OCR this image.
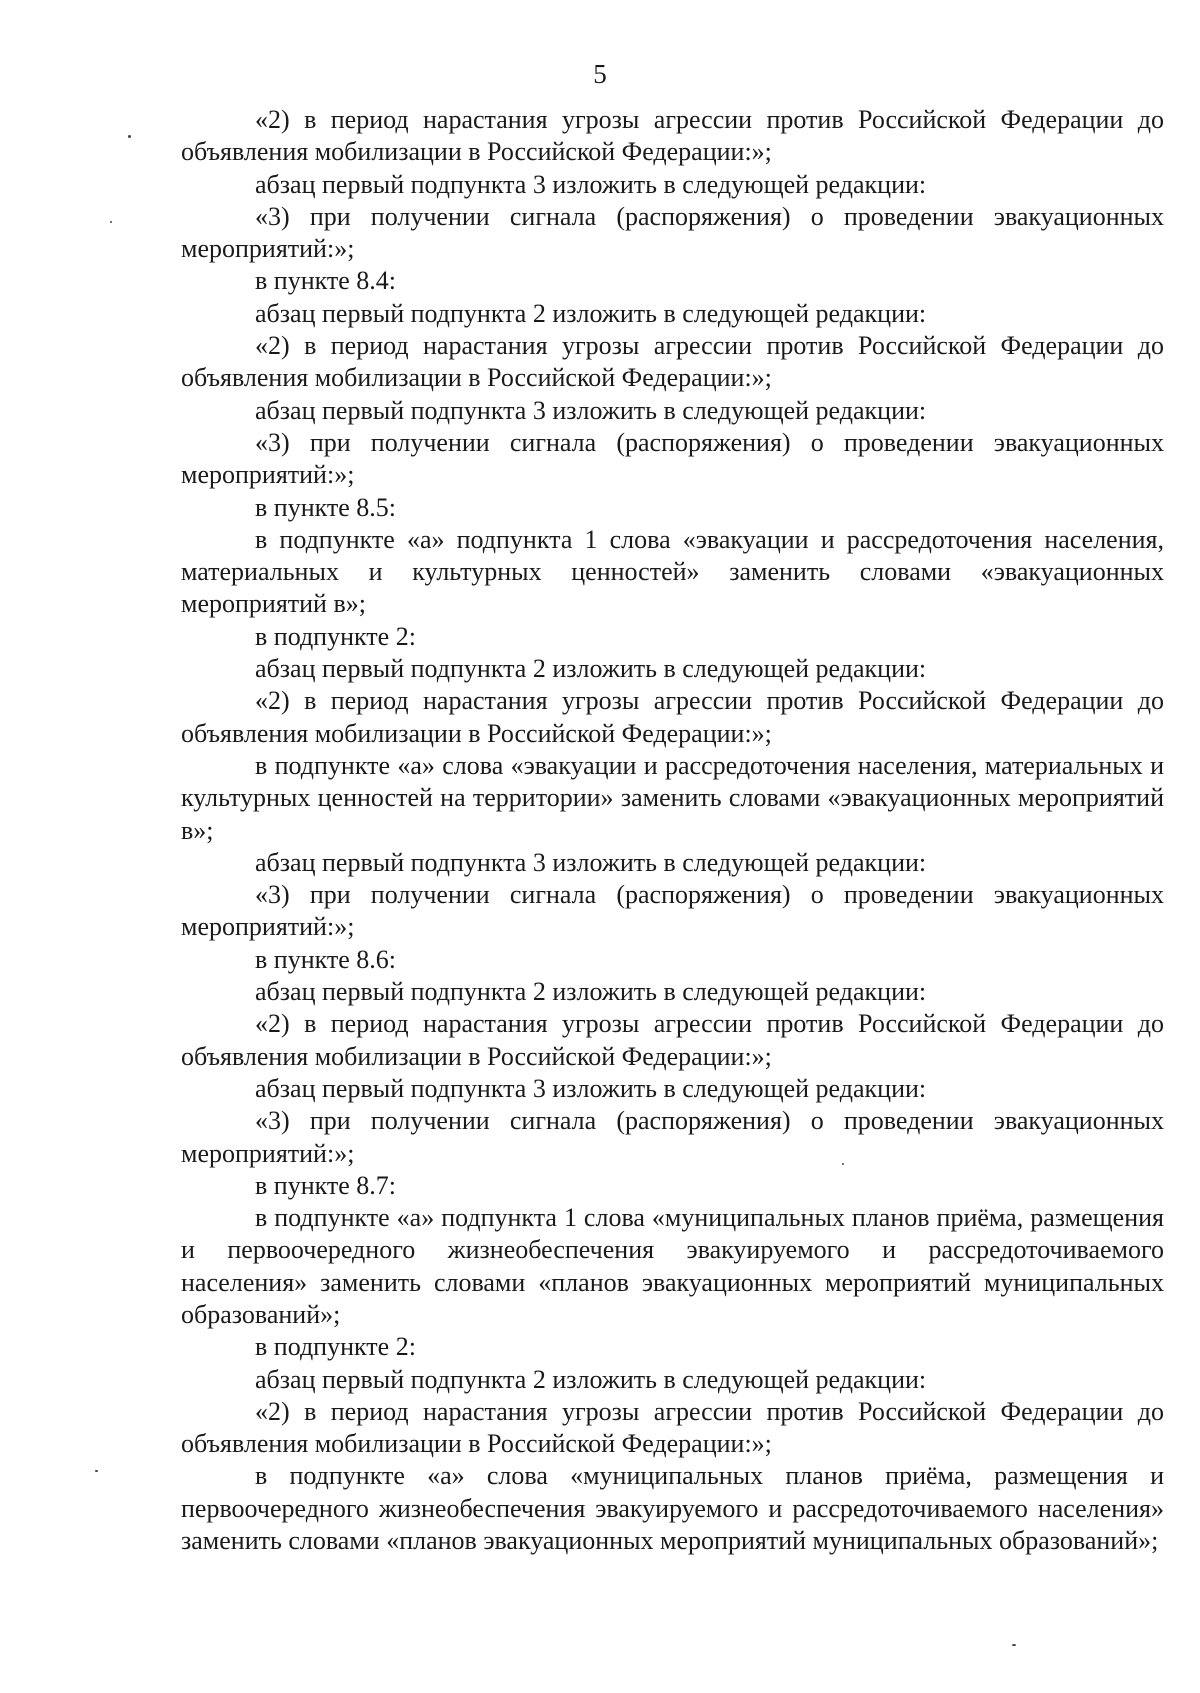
5

«2) в период нарастания угрозы агрессии против Российской Федерации до объявления мобилизации в Российской Федерации:»;

абзац первый подпункта 3 изложить в следующей редакции:

«3) при получении сигнала (распоряжения) о проведении эвакуационных мероприятий:»;

в пункте 8.4:

абзац первый подпункта 2 изложить в следующей редакции:

«2) в период нарастания угрозы агрессии против Российской Федерации до объявления мобилизации в Российской Федерации:»;

абзац первый подпункта 3 изложить в следующей редакции:

«3) при получении сигнала (распоряжения) о проведении эвакуационных мероприятий:»;

в пункте 8.5:

в подпункте «а» подпункта 1 слова «эвакуации и рассредоточения населения, материальных и культурных ценностей» заменить словами «эвакуационных мероприятий в»;

в подпункте 2:

абзац первый подпункта 2 изложить в следующей редакции:

«2) в период нарастания угрозы агрессии против Российской Федерации до объявления мобилизации в Российской Федерации:»;

в подпункте «а» слова «эвакуации и рассредоточения населения, материальных и культурных ценностей на территории» заменить словами «эвакуационных мероприятий в»;

абзац первый подпункта 3 изложить в следующей редакции:

«3) при получении сигнала (распоряжения) о проведении эвакуационных мероприятий:»;

в пункте 8.6:

абзац первый подпункта 2 изложить в следующей редакции:

«2) в период нарастания угрозы агрессии против Российской Федерации до объявления мобилизации в Российской Федерации:»;

абзац первый подпункта 3 изложить в следующей редакции:

«3) при получении сигнала (распоряжения) о проведении эвакуационных мероприятий:»;

в пункте 8.7:

в подпункте «а» подпункта 1 слова «муниципальных планов приёма, размещения и первоочередного жизнеобеспечения эвакуируемого и рассредоточиваемого населения» заменить словами «планов эвакуационных мероприятий муниципальных образований»;

в подпункте 2:

абзац первый подпункта 2 изложить в следующей редакции:

«2) в период нарастания угрозы агрессии против Российской Федерации до объявления мобилизации в Российской Федерации:»;

в подпункте «а» слова «муниципальных планов приёма, размещения и первоочередного жизнеобеспечения эвакуируемого и рассредоточиваемого населения» заменить словами «планов эвакуационных мероприятий муниципальных образований»;
